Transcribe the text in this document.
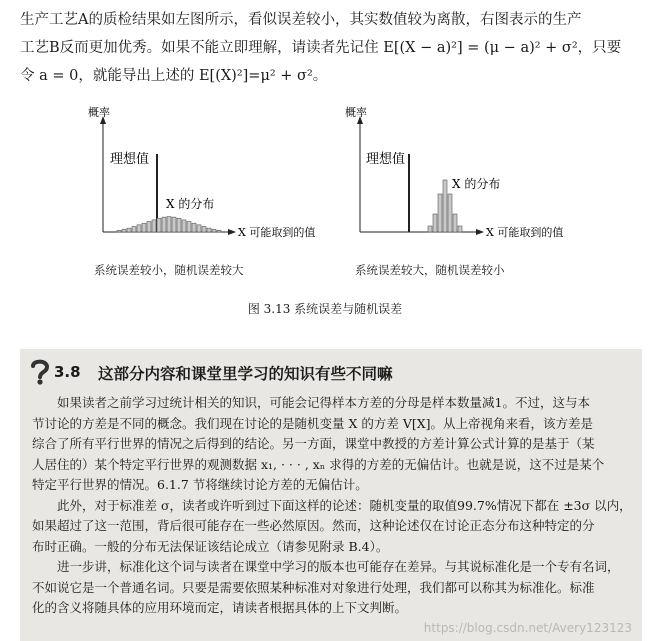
生产工艺A的质检结果如左图所示，看似误差较小，其实数值较为离散，右图表示的生产
工艺B反而更加优秀。如果不能立即理解，请读者先记住 E[(X − a)²] = (μ − a)² + σ²，只要
令 a = 0，就能导出上述的 E[(X)²]=μ² + σ²。
概率
X 可能取到的值
理想值
X 的分布
概率
X 可能取到的值
理想值
X 的分布
系统误差较小，随机误差较大	系统误差较大，随机误差较小
图 3.13 系统误差与随机误差
3.8 这部分内容和课堂里学习的知识有些不同嘛
如果读者之前学习过统计相关的知识，可能会记得样本方差的分母是样本数量减1。不过，这与本
节讨论的方差是不同的概念。我们现在讨论的是随机变量 X 的方差 V[X]。从上帝视角来看，该方差是
综合了所有平行世界的情况之后得到的结论。另一方面，课堂中教授的方差计算公式计算的是基于（某
人居住的）某个特定平行世界的观测数据 x₁, · · · , xₙ 求得的方差的无偏估计。也就是说，这不过是某个
特定平行世界的情况。6.1.7 节将继续讨论方差的无偏估计。
此外，对于标准差 σ，读者或许听到过下面这样的论述：随机变量的取值99.7%情况下都在 ±3σ 以内，
如果超过了这一范围，背后很可能存在一些必然原因。然而，这种论述仅在讨论正态分布这种特定的分
布时正确。一般的分布无法保证该结论成立（请参见附录 B.4）。
进一步讲，标准化这个词与读者在课堂中学习的版本也可能存在差异。与其说标准化是一个专有名词，
不如说它是一个普通名词。只要是需要依照某种标准对对象进行处理，我们都可以称其为标准化。标准
化的含义将随具体的应用环境而定，请读者根据具体的上下文判断。
https://blog.csdn.net/Avery123123
